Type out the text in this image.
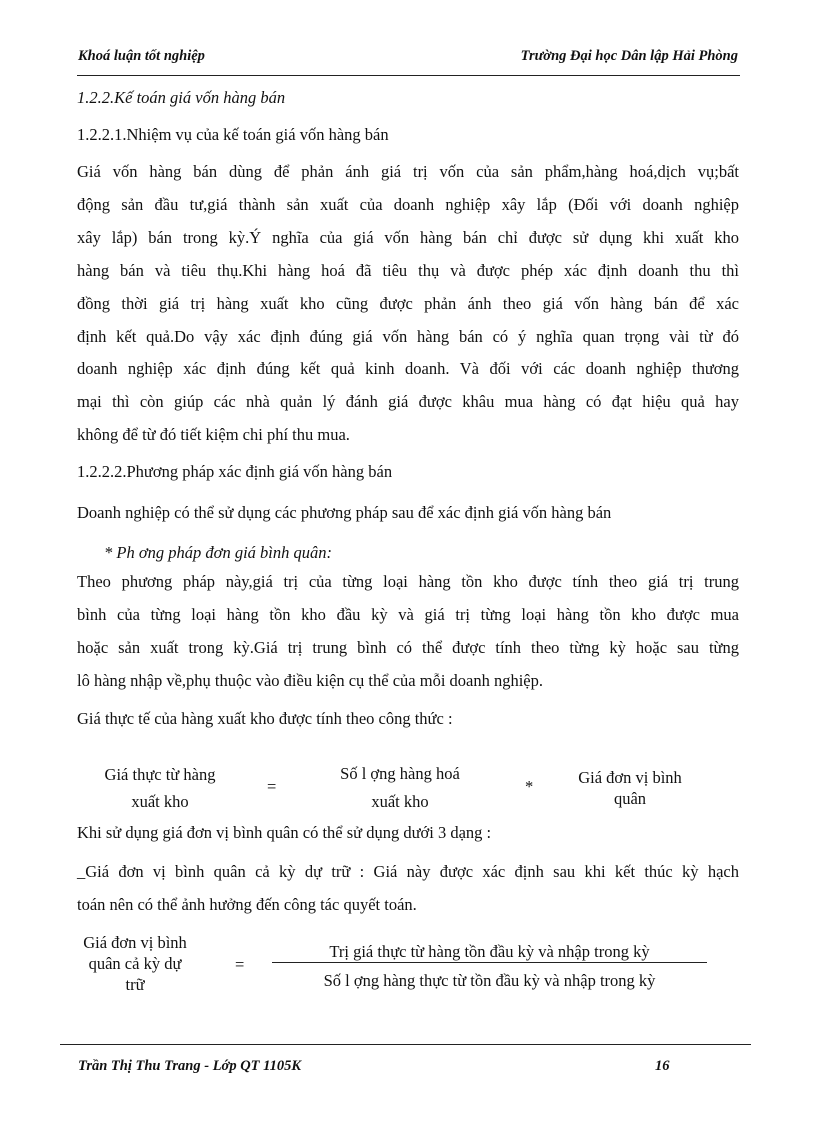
Khoá luận tốt nghiệp	Trường Đại học Dân lập Hải Phòng
1.2.2.Kế toán giá vốn hàng bán
1.2.2.1.Nhiệm vụ của kế toán giá vốn hàng bán
Giá vốn hàng bán dùng để phản ánh giá trị vốn của sản phẩm,hàng hoá,dịch vụ;bất
động sản đầu tư,giá thành sản xuất của doanh nghiệp xây lắp (Đối với doanh nghiệp
xây lắp) bán trong kỳ.Ý nghĩa của giá vốn hàng bán chỉ được sử dụng khi xuất kho
hàng bán và tiêu thụ.Khi hàng hoá đã tiêu thụ và được phép xác định doanh thu thì
đồng thời giá trị hàng xuất kho cũng được phản ánh theo giá vốn hàng bán để xác
định kết quả.Do vậy xác định đúng giá vốn hàng bán có ý nghĩa quan trọng vài từ đó
doanh nghiệp xác định đúng kết quả kinh doanh. Và đối với các doanh nghiệp thương
mại thì còn giúp các nhà quản lý đánh giá được khâu mua hàng có đạt hiệu quả hay
không để từ đó tiết kiệm chi phí thu mua.
1.2.2.2.Phương pháp xác định giá vốn hàng bán
Doanh nghiệp có thể sử dụng các phương pháp sau để xác định giá vốn hàng bán
* Ph ơng pháp đơn giá bình quân:
Theo phương pháp này,giá trị của từng loại hàng tồn kho được tính theo giá trị trung
bình của từng loại hàng tồn kho đầu kỳ và giá trị từng loại hàng tồn kho được mua
hoặc sản xuất trong kỳ.Giá trị trung bình có thể được tính theo từng kỳ hoặc sau từng
lô hàng nhập về,phụ thuộc vào điều kiện cụ thể của mỗi doanh nghiệp.
Giá thực tế của hàng xuất kho được tính theo công thức :
Giá thực từ hàng
xuất kho
=
Số l ợng hàng hoá
xuất kho
*	Giá đơn vị bình
quân
Khi sử dụng giá đơn vị bình quân có thể sử dụng dưới 3 dạng :
_Giá đơn vị bình quân cả kỳ dự trữ : Giá này được xác định sau khi kết thúc kỳ hạch
toán nên có thể ảnh hưởng đến công tác quyết toán.
Giá đơn vị bình
quân cả kỳ dự
trữ
=
Trị giá thực từ hàng tồn đầu kỳ và nhập trong kỳ
Số l ợng hàng thực từ tồn đầu kỳ và nhập trong kỳ
Trần Thị Thu Trang - Lớp QT 1105K	16
